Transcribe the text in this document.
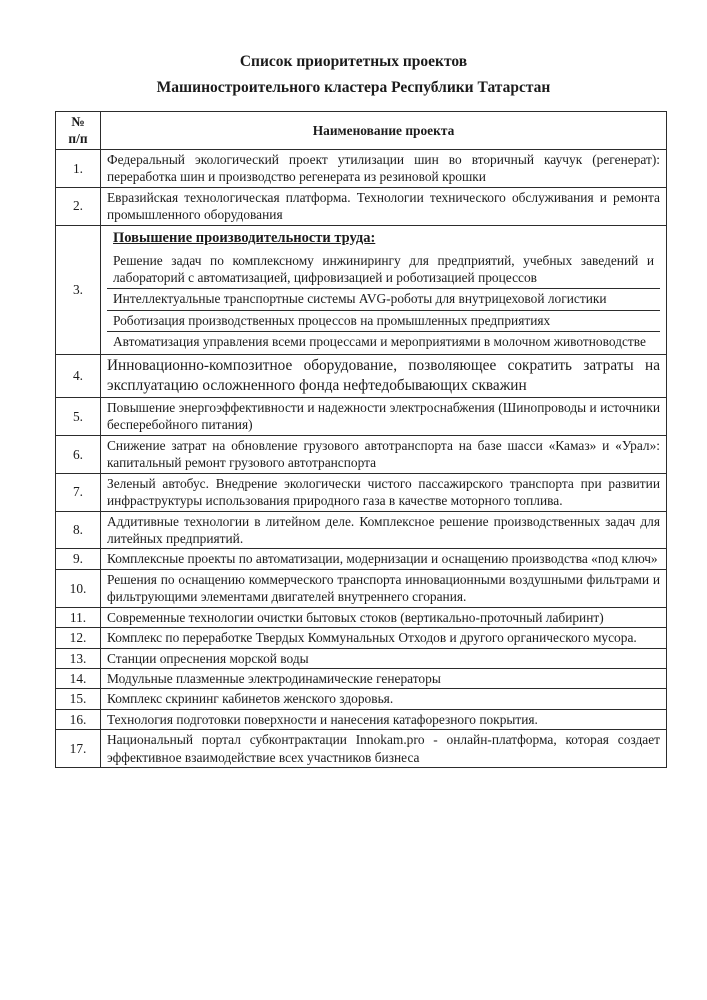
Список приоритетных проектов
Машиностроительного кластера Республики Татарстан
№
п/п	Наименование проекта
1.	Федеральный экологический проект утилизации шин во вторичный каучук (регенерат): переработка шин и производство регенерата из резиновой крошки
2.	Евразийская технологическая платформа. Технологии технического обслуживания и ремонта промышленного оборудования
3.	Повышение производительности труда:
Решение задач по комплексному инжинирингу для предприятий, учебных заведений и лабораторий с автоматизацией, цифровизацией и роботизацией процессов
Интеллектуальные транспортные системы AVG-роботы для внутрицеховой логистики
Роботизация производственных процессов на промышленных предприятиях
Автоматизация управления всеми процессами и мероприятиями в молочном животноводстве

4.	Инновационно-композитное оборудование, позволяющее сократить затраты на эксплуатацию осложненного фонда нефтедобывающих скважин
5.	Повышение энергоэффективности и надежности электроснабжения (Шинопроводы и источники бесперебойного питания)
6.	Снижение затрат на обновление грузового автотранспорта на базе шасси «Камаз» и «Урал»: капитальный ремонт грузового автотранспорта
7.	Зеленый автобус. Внедрение экологически чистого пассажирского транспорта при развитии инфраструктуры использования природного газа в качестве моторного топлива.
8.	Аддитивные технологии в литейном деле. Комплексное решение производственных задач для литейных предприятий.
9.	Комплексные проекты по автоматизации, модернизации и оснащению производства «под ключ»
10.	Решения по оснащению коммерческого транспорта инновационными воздушными фильтрами и фильтрующими элементами двигателей внутреннего сгорания.
11.	Современные технологии очистки бытовых стоков (вертикально-проточный лабиринт)
12.	Комплекс по переработке Твердых Коммунальных Отходов и другого органического мусора.
13.	Станции опреснения морской воды
14.	Модульные плазменные электродинамические генераторы
15.	Комплекс скрининг кабинетов женского здоровья.
16.	Технология подготовки поверхности и нанесения катафорезного покрытия.
17.	Национальный портал субконтрактации Innokam.pro - онлайн-платформа, которая создает эффективное взаимодействие всех участников бизнеса
